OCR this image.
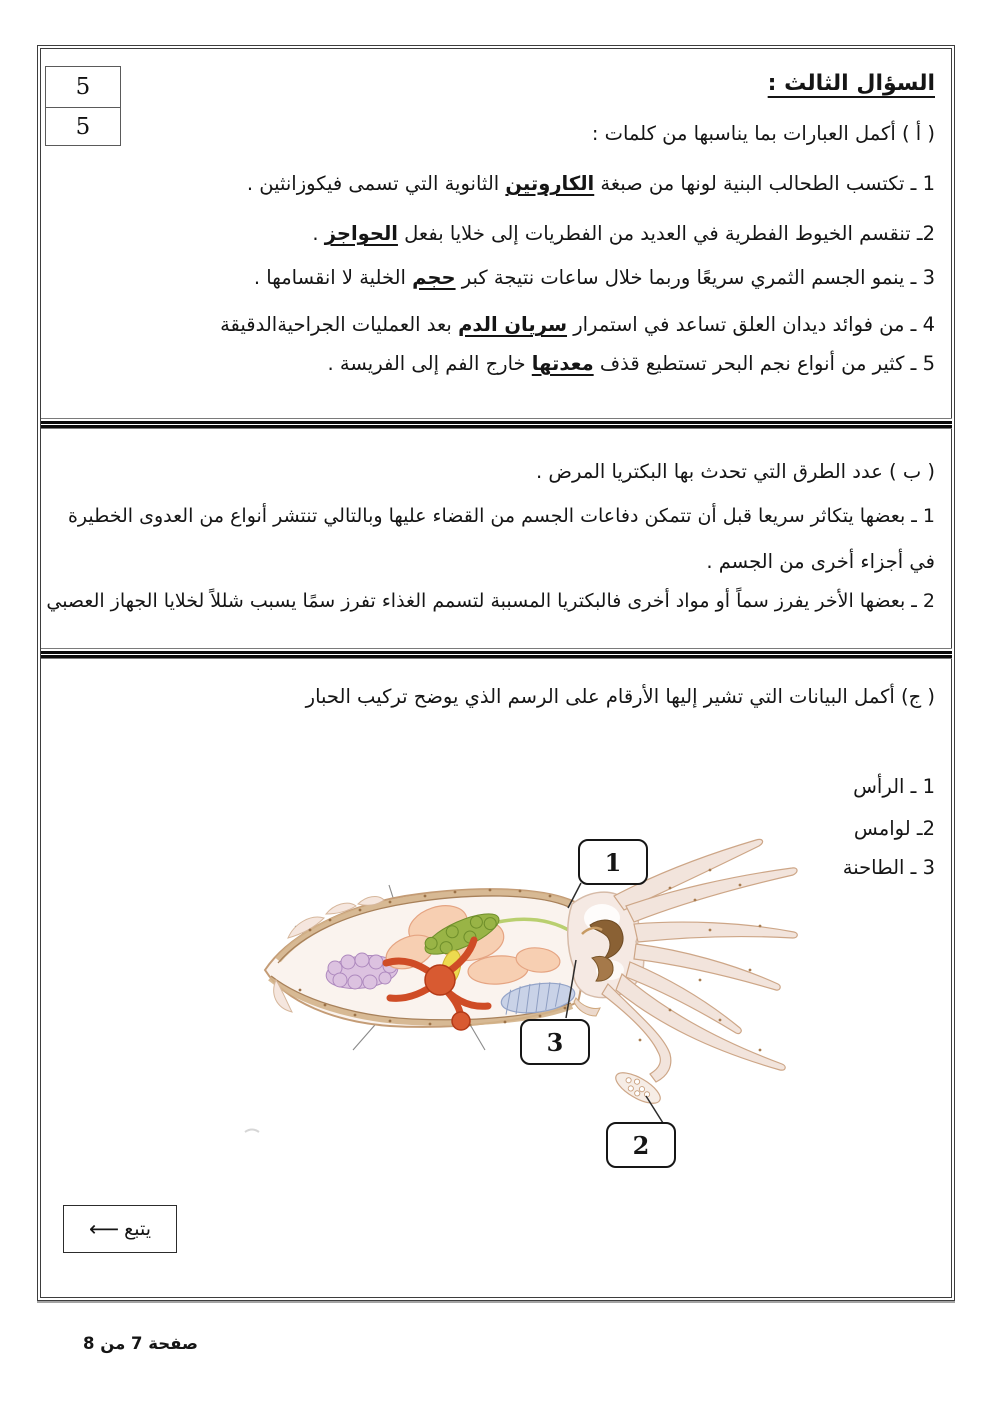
5
5
السؤال الثالث :
( أ ) أكمل العبارات بما يناسبها من كلمات :
1 ـ تكتسب الطحالب البنية لونها من صبغة الكاروتين الثانوية التي تسمى فيكوزانثين .
2ـ تنقسم الخيوط الفطرية في العديد من الفطريات إلى خلايا بفعل الحواجز .
3 ـ ينمو الجسم الثمري سريعًا وربما خلال ساعات نتيجة كبر حجم الخلية لا انقسامها .
4 ـ من فوائد ديدان العلق تساعد في استمرار سريان الدم بعد العمليات الجراحيةالدقيقة
5 ـ كثير من أنواع نجم البحر تستطيع قذف معدتها خارج الفم إلى الفريسة .
( ب ) عدد الطرق التي تحدث بها البكتريا المرض .
1 ـ بعضها يتكاثر سريعا قبل أن تتمكن دفاعات الجسم من القضاء عليها وبالتالي تنتشر أنواع من العدوى الخطيرة
في أجزاء أخرى من الجسم .
2 ـ بعضها الأخر يفرز سماً أو مواد أخرى فالبكتريا المسببة لتسمم الغذاء تفرز سمًا يسبب شللاً لخلايا الجهاز العصبي
( ج) أكمل البيانات التي تشير إليها الأرقام على الرسم الذي يوضح تركيب الحبار
1 ـ الرأس
2ـ لوامس
3 ـ الطاحنة
1
3
2
يتبع
⟵
صفحة 7 من 8
